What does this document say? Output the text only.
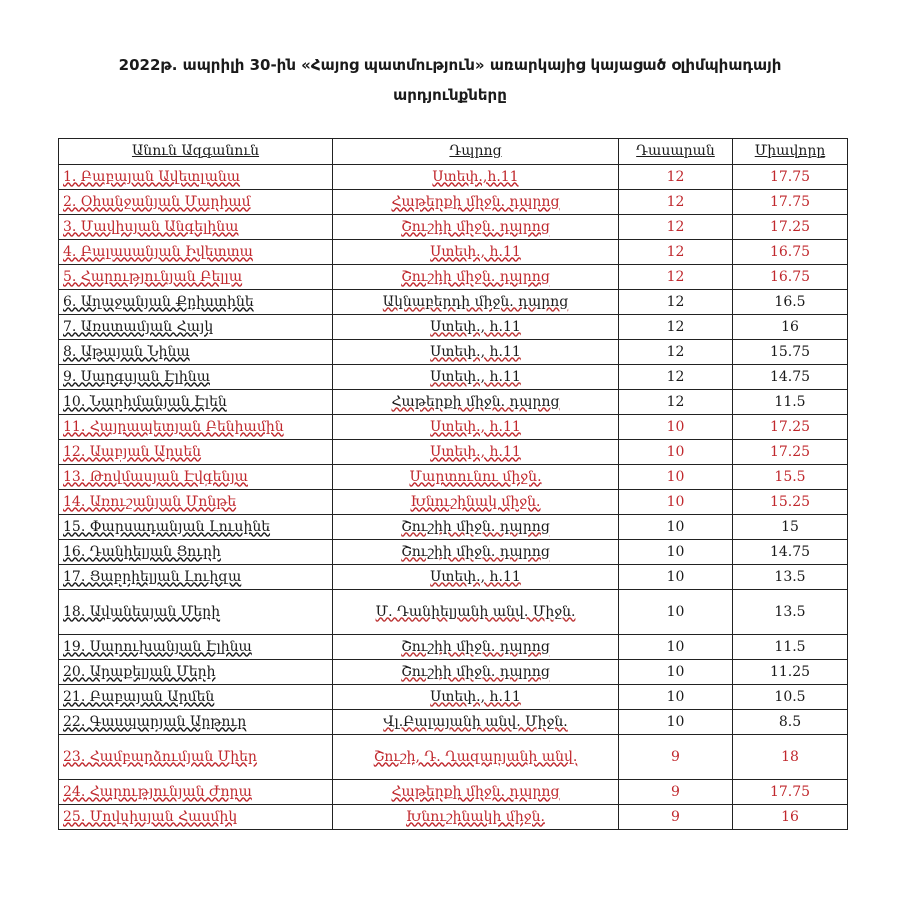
2022թ. ապրիլի 30-ին «Հայոց պատմություն» առարկայից կայացած օլիմպիադայի
արդյունքները
Անուն Ազգանուն	Դպրոց	Դասարան	Միավորը
1. Բաբայան Ավետլանա	Ստեփ.,h.11	12	17.75
2. Օհանջանյան Մարիամ	Հաթերքի միջն. դպրոց	12	17.75
3. Մավիսյան Անգելինա	Շուշիի միջն. դպրոց	12	17.25
4. Բալասանյան Իվետտա	Ստեփ., h.11	12	16.75
5. Հարությունյան Բելլա	Շուշիի միջն. դպրոց	12	16.75
6. Աղաջանյան Քրիստինե	Ակնաբերդի միջն. դպրոց	12	16.5
7. Առստամյան Հայկ	Ստեփ., h.11	12	16
8. Աթայան Նինա	Ստեփ., h.11	12	15.75
9. Սարգսյան Էլինա	Ստեփ., h.11	12	14.75
10. Նարիմանյան Էլեն	Հաթերքի միջն. դպրոց	12	11.5
11. Հայրապետյան Բենիամին	Ստեփ., h.11	10	17.25
12. Աաբյան Արսեն	Ստեփ., h.11	10	17.25
13. Թովմասյան Էվգենյա	Մարտունու միջն.	10	15.5
14. Առուշանյան Մոնթե	Խնուշինակ միջն.	10	15.25
15. Փարսադանյան Լուսինե	Շուշիի միջն. դպրոց	10	15
16. Դանիելյան Ցուրի	Շուշիի միջն. դպրոց	10	14.75
17. Ցաբրիելյան Լուիզա	Ստեփ., h.11	10	13.5
18. Ավանեսյան Մերի	Մ. Դանիելյանի անվ. Միջն.	10	13.5
19. Սարուխանյան Էլինա	Շուշիի միջն. դպրոց	10	11.5
20. Արաքելյան Մերի	Շուշիի միջն. դպրոց	10	11.25
21. Բաբայան Արմեն	Ստեփ., h.11	10	10.5
22. Գասպարյան Արթուր	Վլ.Բալայանի անվ. Միջն.	10	8.5
23. Համբարձումյան Միեր	Շուշի, Դ. Ղազարյանի անվ.	9	18
24. Հարությունյան Ժորա	Հաթերքի միջն. դպրոց	9	17.75
25. Մովսիսյան Հասմիկ	Խնուշինակի միջն.	9	16
